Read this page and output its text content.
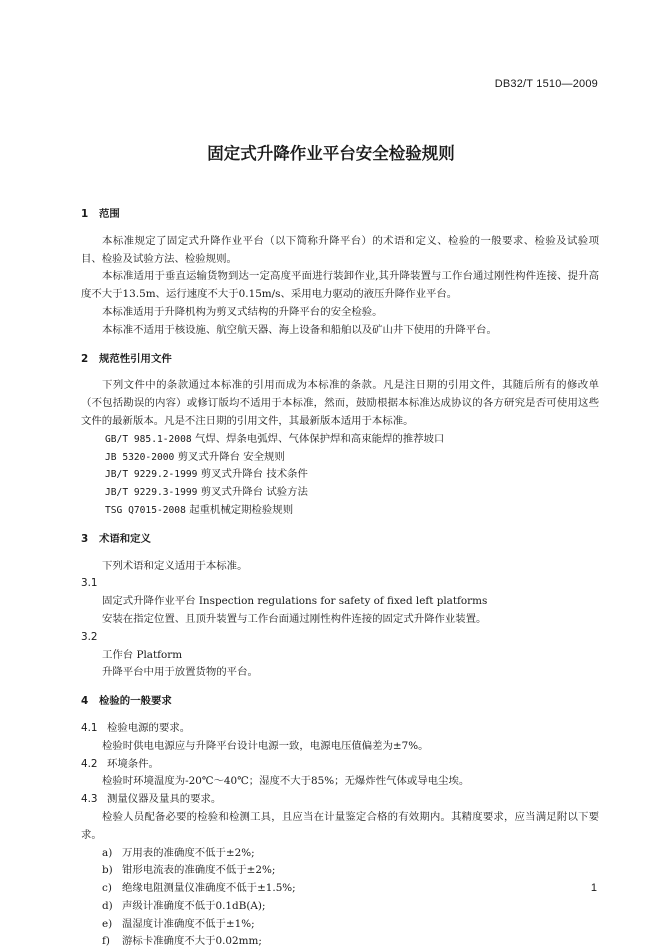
DB32/T 1510—2009
固定式升降作业平台安全检验规则
1 范围

本标准规定了固定式升降作业平台（以下简称升降平台）的术语和定义、检验的一般要求、检验及试验项目、检验及试验方法、检验规则。

本标准适用于垂直运输货物到达一定高度平面进行装卸作业,其升降装置与工作台通过刚性构件连接、提升高度不大于13.5m、运行速度不大于0.15m/s、采用电力驱动的液压升降作业平台。

本标准适用于升降机构为剪叉式结构的升降平台的安全检验。

本标准不适用于核设施、航空航天器、海上设备和船舶以及矿山井下使用的升降平台。

2 规范性引用文件

下列文件中的条款通过本标准的引用而成为本标准的条款。凡是注日期的引用文件，其随后所有的修改单（不包括勘误的内容）或修订版均不适用于本标准，然而，鼓励根据本标准达成协议的各方研究是否可使用这些文件的最新版本。凡是不注日期的引用文件，其最新版本适用于本标准。

GB/T 985.1-2008 气焊、焊条电弧焊、气体保护焊和高束能焊的推荐坡口

JB 5320-2000 剪叉式升降台 安全规则

JB/T 9229.2-1999 剪叉式升降台 技术条件

JB/T 9229.3-1999 剪叉式升降台 试验方法

TSG Q7015-2008 起重机械定期检验规则

3 术语和定义

下列术语和定义适用于本标准。

3.1

固定式升降作业平台 Inspection regulations for safety of fixed left platforms

安装在指定位置、且顶升装置与工作台面通过刚性构件连接的固定式升降作业装置。

3.2

工作台 Platform

升降平台中用于放置货物的平台。

4 检验的一般要求

4.1 检验电源的要求。

检验时供电电源应与升降平台设计电源一致，电源电压值偏差为±7%。

4.2 环境条件。

检验时环境温度为-20℃～40℃；湿度不大于85%；无爆炸性气体或导电尘埃。

4.3 测量仪器及量具的要求。

检验人员配备必要的检验和检测工具，且应当在计量鉴定合格的有效期内。其精度要求，应当满足附以下要求。

a) 万用表的准确度不低于±2%;

b) 钳形电流表的准确度不低于±2%;

c) 绝缘电阻测量仪准确度不低于±1.5%;

d) 声级计准确度不低于0.1dB(A);

e) 温湿度计准确度不低于±1%;

f) 游标卡准确度不大于0.02mm;

1
